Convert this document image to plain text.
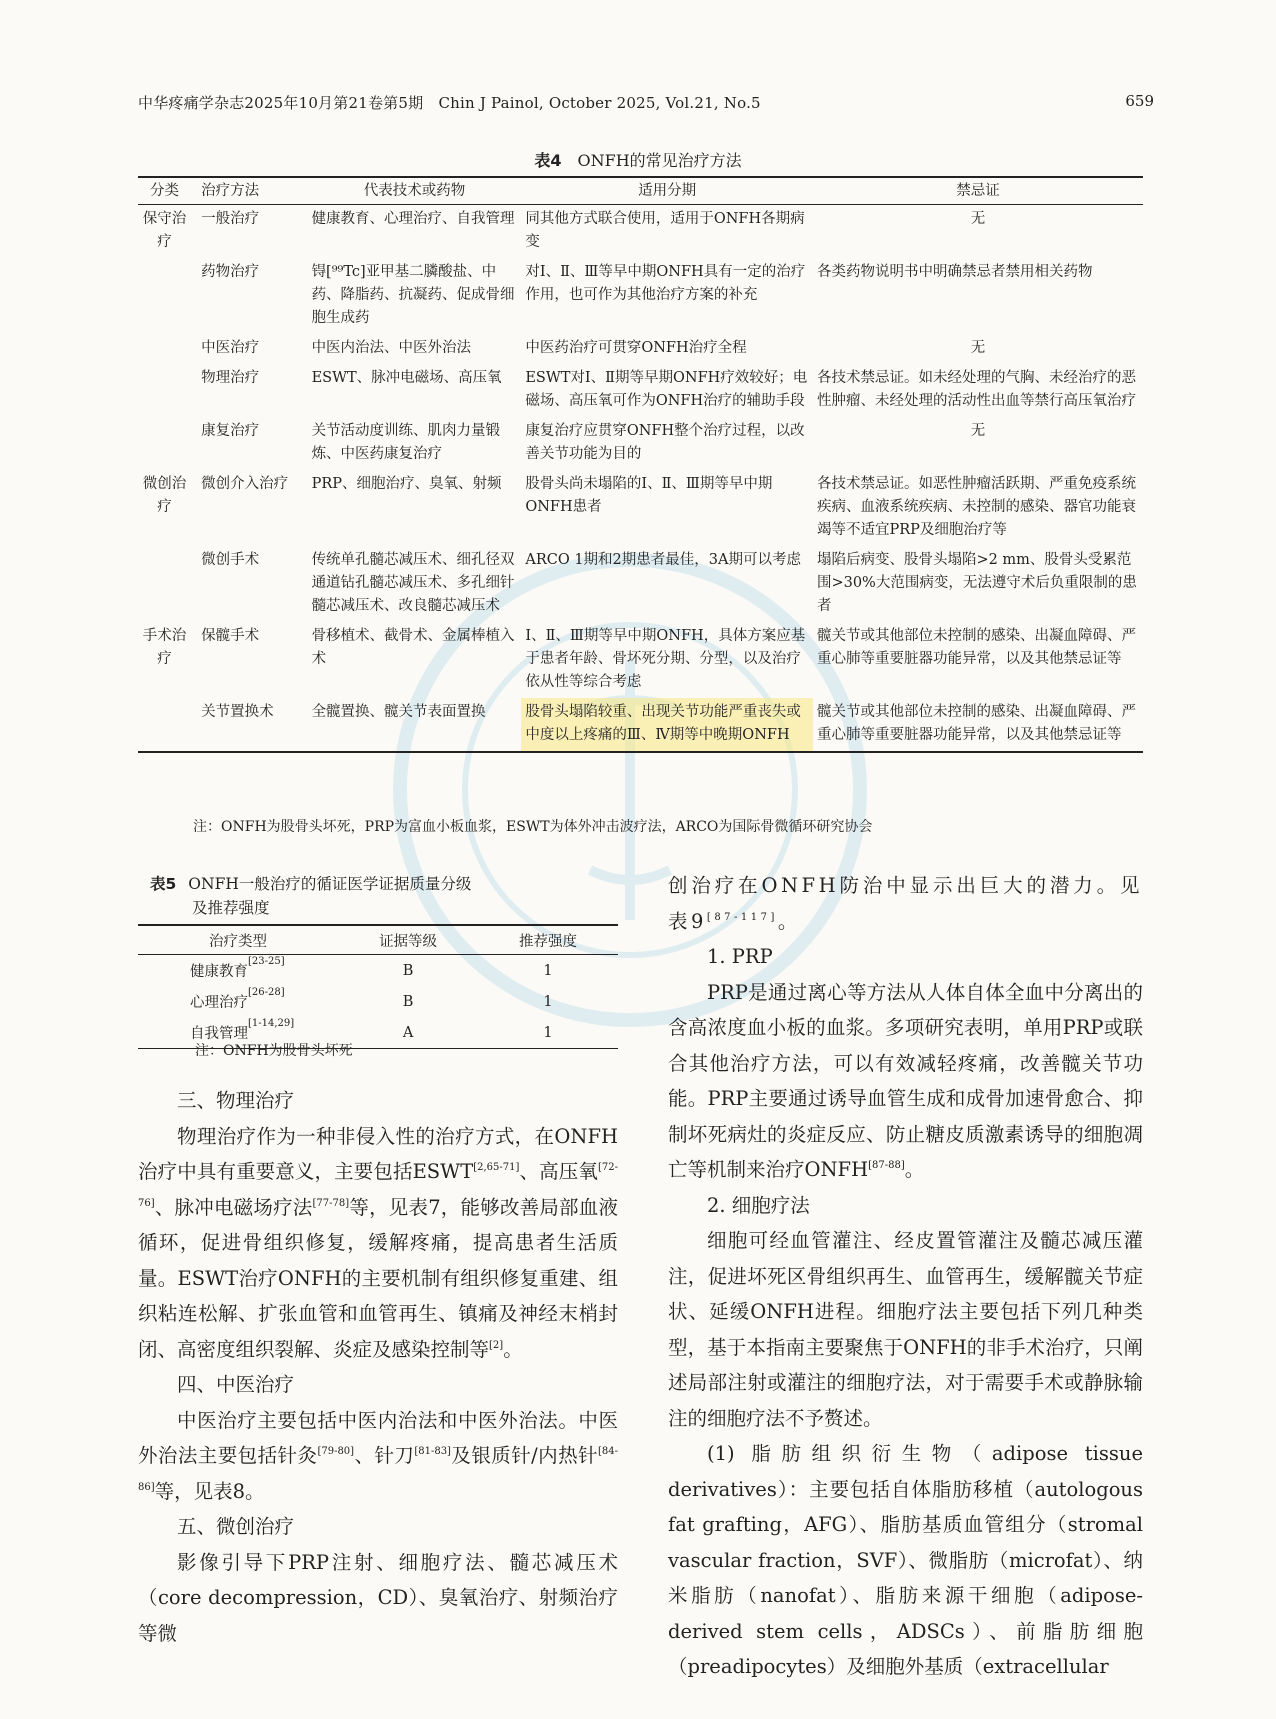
中华疼痛学杂志2025年10月第21卷第5期　Chin J Painol, October 2025, Vol.21, No.5	659
表4 ONFH的常见治疗方法
分类	治疗方法	代表技术或药物	适用分期	禁忌证
保守治疗	一般治疗	健康教育、心理治疗、自我管理	同其他方式联合使用，适用于ONFH各期病变	无
	药物治疗	锝[⁹⁹Tc]亚甲基二膦酸盐、中药、降脂药、抗凝药、促成骨细胞生成药	对Ⅰ、Ⅱ、Ⅲ等早中期ONFH具有一定的治疗作用，也可作为其他治疗方案的补充	各类药物说明书中明确禁忌者禁用相关药物
	中医治疗	中医内治法、中医外治法	中医药治疗可贯穿ONFH治疗全程	无
	物理治疗	ESWT、脉冲电磁场、高压氧	ESWT对Ⅰ、Ⅱ期等早期ONFH疗效较好；电磁场、高压氧可作为ONFH治疗的辅助手段	各技术禁忌证。如未经处理的气胸、未经治疗的恶性肿瘤、未经处理的活动性出血等禁行高压氧治疗
	康复治疗	关节活动度训练、肌肉力量锻炼、中医药康复治疗	康复治疗应贯穿ONFH整个治疗过程，以改善关节功能为目的	无
微创治疗	微创介入治疗	PRP、细胞治疗、臭氧、射频	股骨头尚未塌陷的Ⅰ、Ⅱ、Ⅲ期等早中期ONFH患者	各技术禁忌证。如恶性肿瘤活跃期、严重免疫系统疾病、血液系统疾病、未控制的感染、器官功能衰竭等不适宜PRP及细胞治疗等
	微创手术	传统单孔髓芯减压术、细孔径双通道钻孔髓芯减压术、多孔细针髓芯减压术、改良髓芯减压术	ARCO 1期和2期患者最佳，3A期可以考虑	塌陷后病变、股骨头塌陷>2 mm、股骨头受累范围>30%大范围病变，无法遵守术后负重限制的患者
手术治疗	保髋手术	骨移植术、截骨术、金属棒植入术	Ⅰ、Ⅱ、Ⅲ期等早中期ONFH，具体方案应基于患者年龄、骨坏死分期、分型，以及治疗依从性等综合考虑	髋关节或其他部位未控制的感染、出凝血障碍、严重心肺等重要脏器功能异常，以及其他禁忌证等
	关节置换术	全髋置换、髋关节表面置换	股骨头塌陷较重、出现关节功能严重丧失或中度以上疼痛的Ⅲ、Ⅳ期等中晚期ONFH	髋关节或其他部位未控制的感染、出凝血障碍、严重心肺等重要脏器功能异常，以及其他禁忌证等
注：ONFH为股骨头坏死，PRP为富血小板血浆，ESWT为体外冲击波疗法，ARCO为国际骨微循环研究协会
表5 ONFH一般治疗的循证医学证据质量分级
及推荐强度
治疗类型	证据等级	推荐强度
健康教育[23-25]	B	1
心理治疗[26-28]	B	1
自我管理[1-14,29]	A	1
注：ONFH为股骨头坏死

三、物理治疗

物理治疗作为一种非侵入性的治疗方式，在ONFH治疗中具有重要意义，主要包括ESWT[2,65-71]、高压氧[72-76]、脉冲电磁场疗法[77-78]等，见表7，能够改善局部血液循环，促进骨组织修复，缓解疼痛，提高患者生活质量。ESWT治疗ONFH的主要机制有组织修复重建、组织粘连松解、扩张血管和血管再生、镇痛及神经末梢封闭、高密度组织裂解、炎症及感染控制等[2]。

四、中医治疗

中医治疗主要包括中医内治法和中医外治法。中医外治法主要包括针灸[79-80]、针刀[81-83]及银质针/内热针[84-86]等，见表8。

五、微创治疗

影像引导下PRP注射、细胞疗法、髓芯减压术（core decompression，CD）、臭氧治疗、射频治疗等微

创治疗在ONFH防治中显示出巨大的潜力。见表9[87-117]。

1. PRP

PRP是通过离心等方法从人体自体全血中分离出的含高浓度血小板的血浆。多项研究表明，单用PRP或联合其他治疗方法，可以有效减轻疼痛，改善髋关节功能。PRP主要通过诱导血管生成和成骨加速骨愈合、抑制坏死病灶的炎症反应、防止糖皮质激素诱导的细胞凋亡等机制来治疗ONFH[87-88]。

2. 细胞疗法

细胞可经血管灌注、经皮置管灌注及髓芯减压灌注，促进坏死区骨组织再生、血管再生，缓解髋关节症状、延缓ONFH进程。细胞疗法主要包括下列几种类型，基于本指南主要聚焦于ONFH的非手术治疗，只阐述局部注射或灌注的细胞疗法，对于需要手术或静脉输注的细胞疗法不予赘述。

(1) 脂肪组织衍生物（adipose tissue derivatives）：主要包括自体脂肪移植（autologous fat grafting，AFG）、脂肪基质血管组分（stromal vascular fraction，SVF）、微脂肪（microfat）、纳米脂肪（nanofat）、脂肪来源干细胞（adipose-derived stem cells，ADSCs）、前脂肪细胞（preadipocytes）及细胞外基质（extracellular
